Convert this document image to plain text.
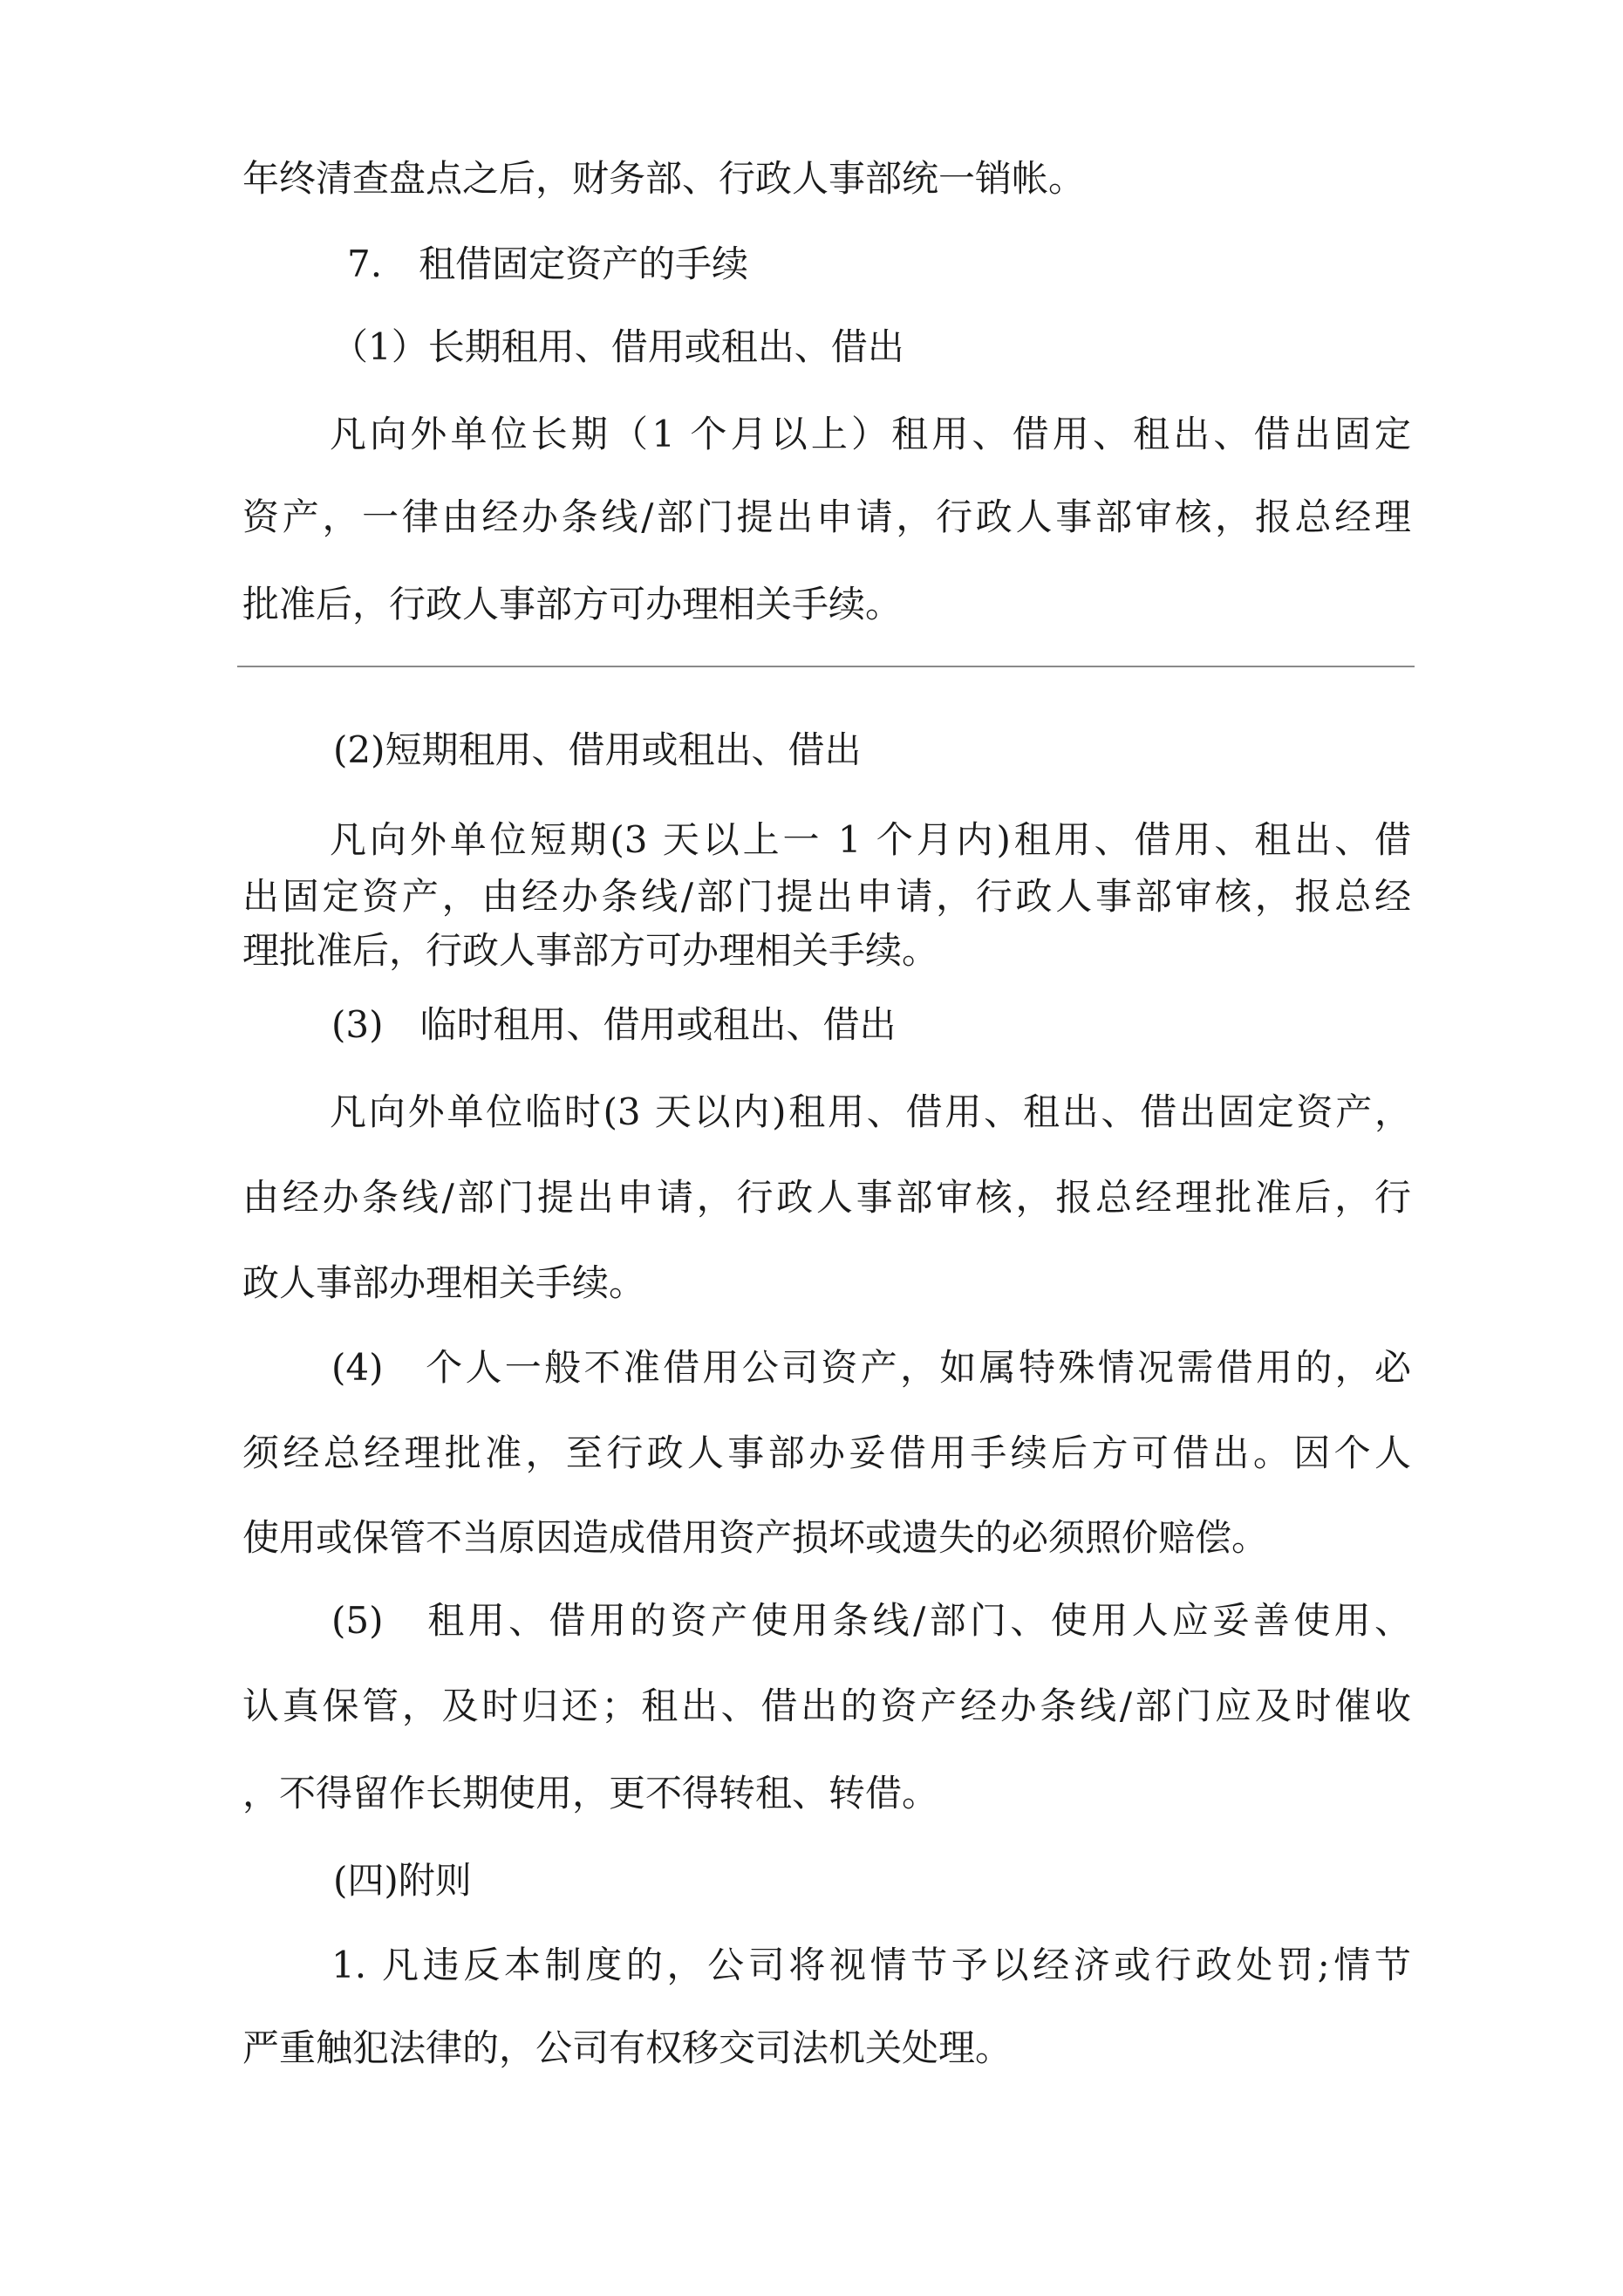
年终清查盘点之后，财务部、行政人事部统一销帐。
7.　租借固定资产的手续
（1）长期租用、借用或租出、借出
凡向外单位长期（1 个月以上）租用、借用、租出、借出固定
资产，一律由经办条线/部门提出申请，行政人事部审核，报总经理
批准后，行政人事部方可办理相关手续。
(2)短期租用、借用或租出、借出
凡向外单位短期(3 天以上一 1 个月内)租用、借用、租出、借
出固定资产，由经办条线/部门提出申请，行政人事部审核，报总经
理批准后，行政人事部方可办理相关手续。
(3)　临时租用、借用或租出、借出
凡向外单位临时(3 天以内)租用、借用、租出、借出固定资产，
由经办条线/部门提出申请，行政人事部审核，报总经理批准后，行
政人事部办理相关手续。
(4)　个人一般不准借用公司资产，如属特殊情况需借用的，必
须经总经理批准，至行政人事部办妥借用手续后方可借出。因个人
使用或保管不当原因造成借用资产损坏或遗失的必须照价赔偿。
(5)　租用、借用的资产使用条线/部门、使用人应妥善使用、
认真保管，及时归还；租出、借出的资产经办条线/部门应及时催收
，不得留作长期使用，更不得转租、转借。
(四)附则
1. 凡违反本制度的，公司将视情节予以经济或行政处罚;情节
严重触犯法律的，公司有权移交司法机关处理。
